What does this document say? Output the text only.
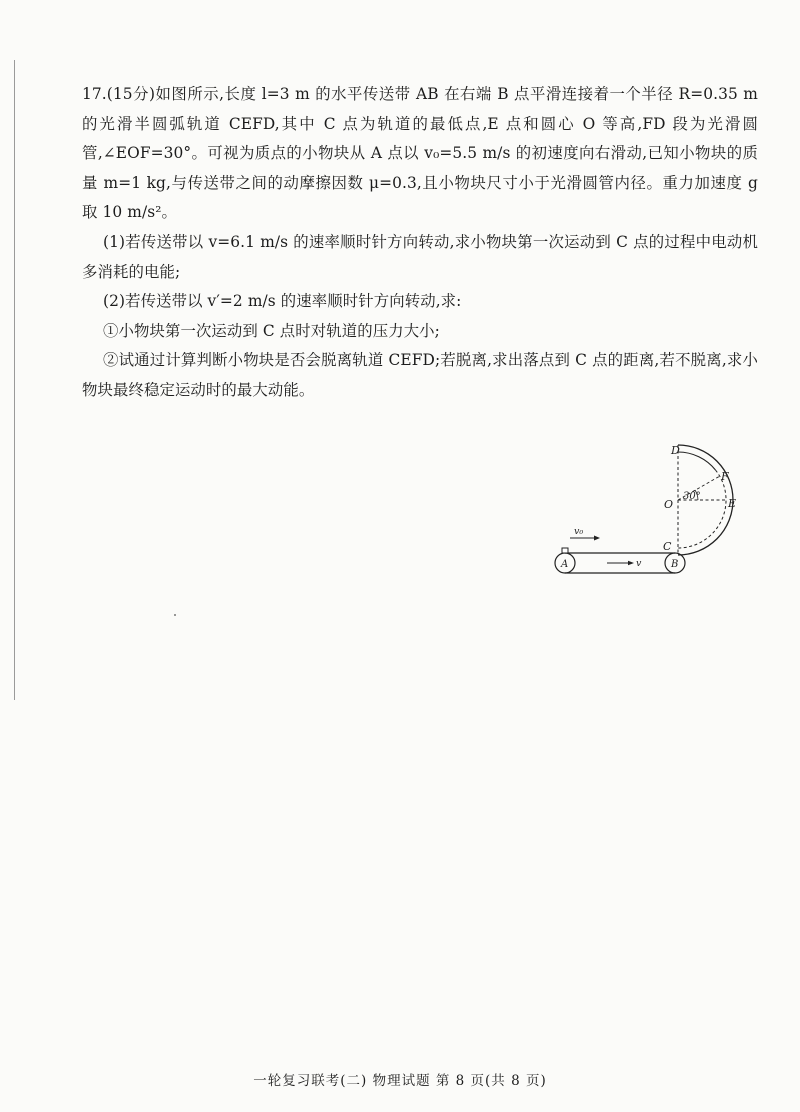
17.(15分)如图所示,长度 l=3 m 的水平传送带 AB 在右端 B 点平滑连接着一个半径 R=0.35 m 的光滑半圆弧轨道 CEFD,其中 C 点为轨道的最低点,E 点和圆心 O 等高,FD 段为光滑圆管,∠EOF=30°。可视为质点的小物块从 A 点以 v₀=5.5 m/s 的初速度向右滑动,已知小物块的质量 m=1 kg,与传送带之间的动摩擦因数 μ=0.3,且小物块尺寸小于光滑圆管内径。重力加速度 g 取 10 m/s²。

(1)若传送带以 v=6.1 m/s 的速率顺时针方向转动,求小物块第一次运动到 C 点的过程中电动机多消耗的电能;

(2)若传送带以 v′=2 m/s 的速率顺时针方向转动,求:

①小物块第一次运动到 C 点时对轨道的压力大小;

②试通过计算判断小物块是否会脱离轨道 CEFD;若脱离,求出落点到 C 点的距离,若不脱离,求小物块最终稳定运动时的最大动能。

D
F
O	E
30°
C
v₀
v
A	B
一轮复习联考(二) 物理试题 第 8 页(共 8 页)
